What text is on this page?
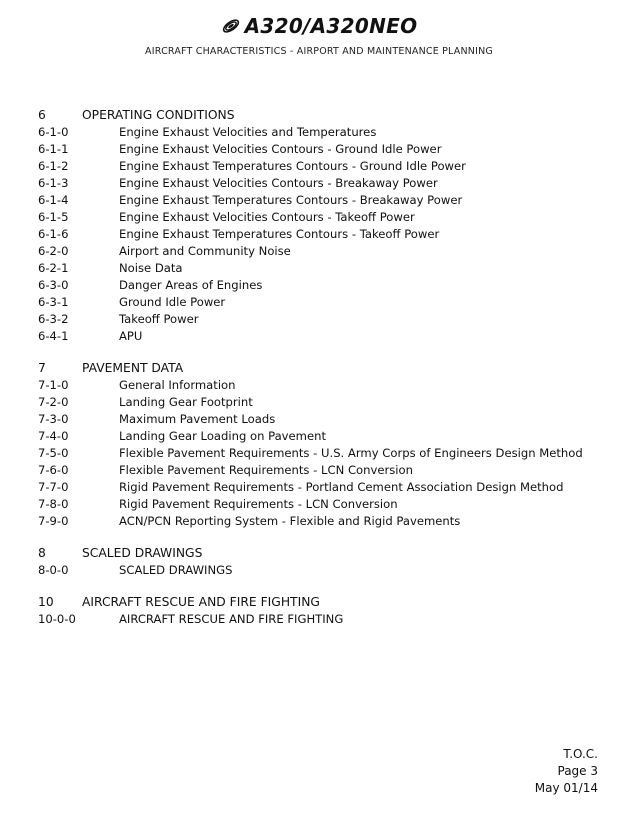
A320/A320NEO
AIRCRAFT CHARACTERISTICS - AIRPORT AND MAINTENANCE PLANNING
6	OPERATING CONDITIONS
6-1-0	Engine Exhaust Velocities and Temperatures
6-1-1	Engine Exhaust Velocities Contours - Ground Idle Power
6-1-2	Engine Exhaust Temperatures Contours - Ground Idle Power
6-1-3	Engine Exhaust Velocities Contours - Breakaway Power
6-1-4	Engine Exhaust Temperatures Contours - Breakaway Power
6-1-5	Engine Exhaust Velocities Contours - Takeoff Power
6-1-6	Engine Exhaust Temperatures Contours - Takeoff Power
6-2-0	Airport and Community Noise
6-2-1	Noise Data
6-3-0	Danger Areas of Engines
6-3-1	Ground Idle Power
6-3-2	Takeoff Power
6-4-1	APU
7	PAVEMENT DATA
7-1-0	General Information
7-2-0	Landing Gear Footprint
7-3-0	Maximum Pavement Loads
7-4-0	Landing Gear Loading on Pavement
7-5-0	Flexible Pavement Requirements - U.S. Army Corps of Engineers Design Method
7-6-0	Flexible Pavement Requirements - LCN Conversion
7-7-0	Rigid Pavement Requirements - Portland Cement Association Design Method
7-8-0	Rigid Pavement Requirements - LCN Conversion
7-9-0	ACN/PCN Reporting System - Flexible and Rigid Pavements
8	SCALED DRAWINGS
8-0-0	SCALED DRAWINGS
10	AIRCRAFT RESCUE AND FIRE FIGHTING
10-0-0	AIRCRAFT RESCUE AND FIRE FIGHTING
T.O.C.
Page 3
May 01/14
